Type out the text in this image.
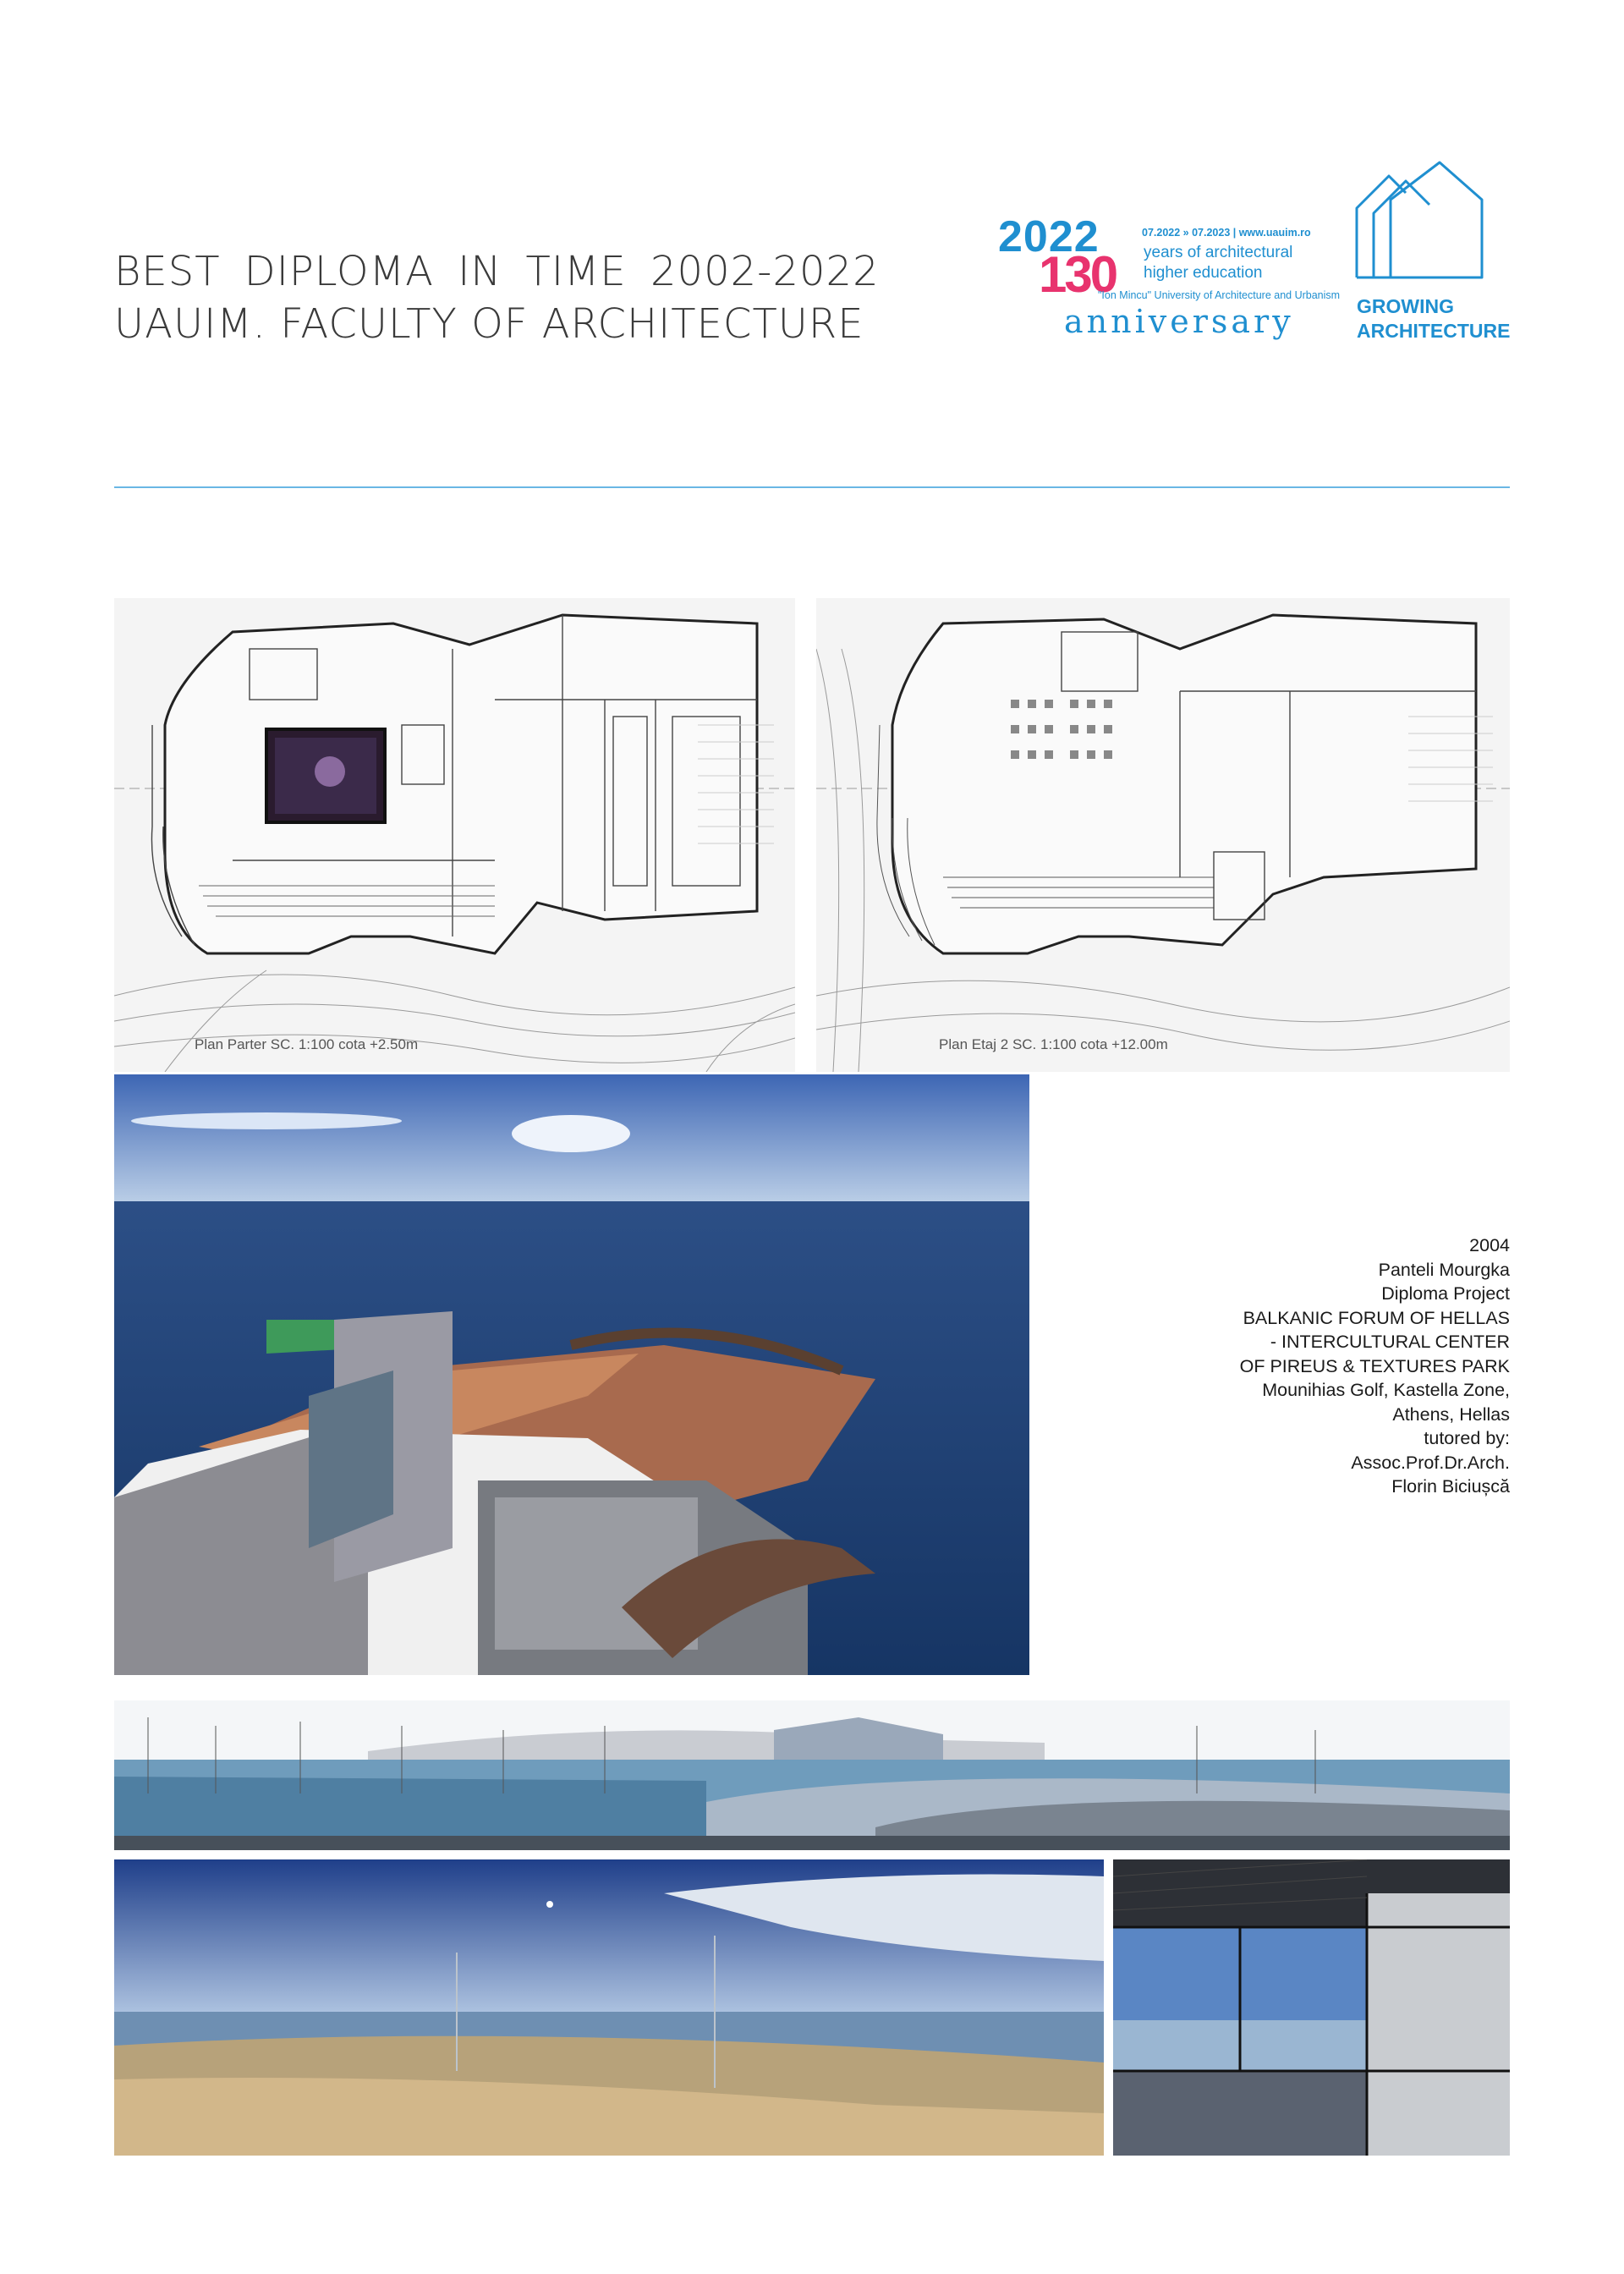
BEST DIPLOMA IN TIME 2002-2022
UAUIM. FACULTY OF ARCHITECTURE
2022
130
07.2022 » 07.2023 | www.uauim.ro
years of architectural
higher education
"Ion Mincu" University of Architecture and Urbanism
anniversary	GROWING
ARCHITECTURE
Plan Parter SC. 1:100 cota +2.50m	Plan Etaj 2 SC. 1:100 cota +12.00m
2004
Panteli Mourgka
Diploma Project
BALKANIC FORUM OF HELLAS
- INTERCULTURAL CENTER
OF PIREUS & TEXTURES PARK
Mounihias Golf, Kastella Zone,
Athens, Hellas
tutored by:
Assoc.Prof.Dr.Arch.
Florin Biciușcă
